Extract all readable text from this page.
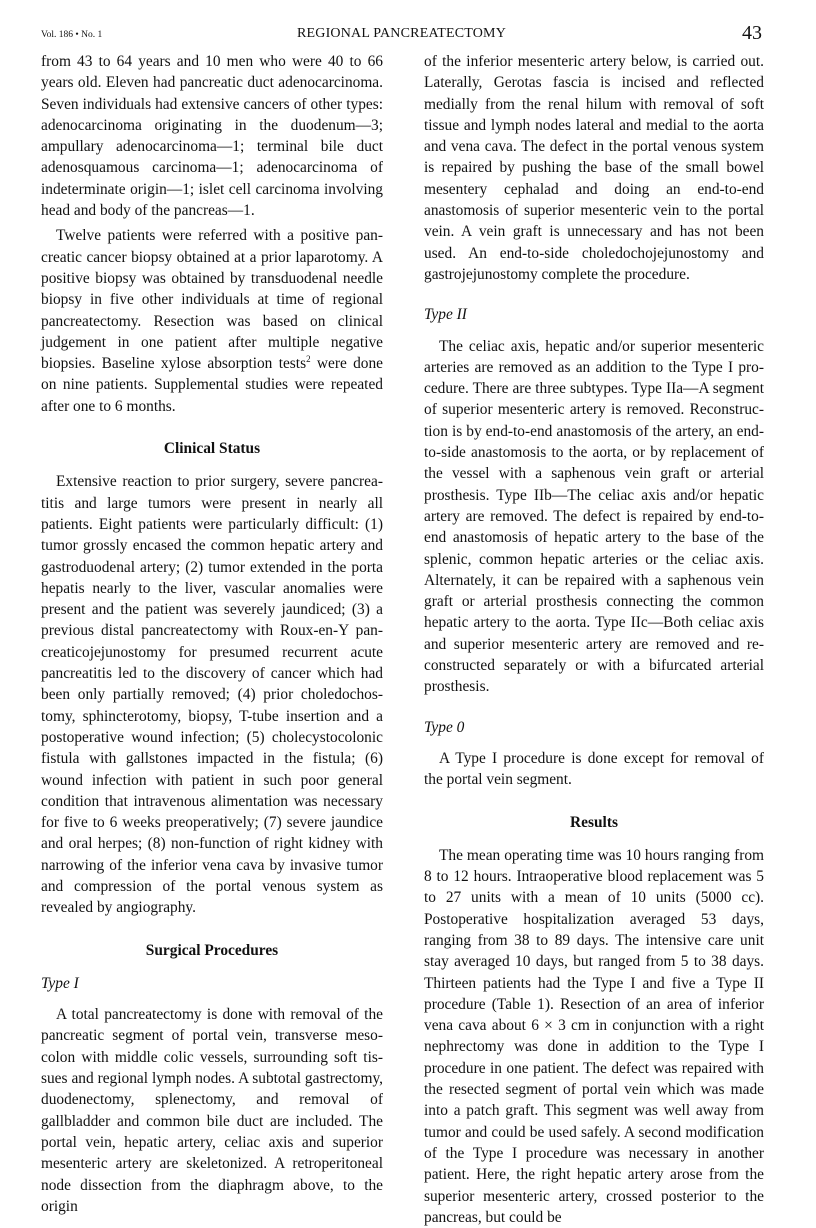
Vol. 186 • No. 1	REGIONAL PANCREATECTOMY	43

from 43 to 64 years and 10 men who were 40 to 66 years old. Eleven had pancreatic duct adenocarcinoma. Seven individuals had extensive cancers of other types: adenocarcinoma originating in the duodenum—3; ampullary adenocarcinoma—1; terminal bile duct adenosquamous carcinoma—1; adenocarcinoma of indeterminate origin—1; islet cell carcinoma involving head and body of the pancreas—1.

Twelve patients were referred with a positive pancreatic cancer biopsy obtained at a prior laparotomy. A positive biopsy was obtained by transduodenal needle biopsy in five other individuals at time of regional pancreatectomy. Resection was based on clinical judgement in one patient after multiple negative biopsies. Baseline xylose absorption tests$^2$ were done on nine patients. Supplemental studies were repeated after one to 6 months.

Clinical Status

Extensive reaction to prior surgery, severe pancreatitis and large tumors were present in nearly all patients. Eight patients were particularly difficult: (1) tumor grossly encased the common hepatic artery and gastroduodenal artery; (2) tumor extended in the porta hepatis nearly to the liver, vascular anomalies were present and the patient was severely jaundiced; (3) a previous distal pancreatectomy with Roux-en-Y pancreaticojejunostomy for presumed recurrent acute pancreatitis led to the discovery of cancer which had been only partially removed; (4) prior choledochostomy, sphincterotomy, biopsy, T-tube insertion and a postoperative wound infection; (5) cholecystocolonic fistula with gallstones impacted in the fistula; (6) wound infection with patient in such poor general condition that intravenous alimentation was necessary for five to 6 weeks preoperatively; (7) severe jaundice and oral herpes; (8) non-function of right kidney with narrowing of the inferior vena cava by invasive tumor and compression of the portal venous system as revealed by angiography.

Surgical Procedures
Type I

A total pancreatectomy is done with removal of the pancreatic segment of portal vein, transverse mesocolon with middle colic vessels, surrounding soft tissues and regional lymph nodes. A subtotal gastrectomy, duodenectomy, splenectomy, and removal of gallbladder and common bile duct are included. The portal vein, hepatic artery, celiac axis and superior mesenteric artery are skeletonized. A retroperitoneal node dissection from the diaphragm above, to the origin

of the inferior mesenteric artery below, is carried out. Laterally, Gerotas fascia is incised and reflected medially from the renal hilum with removal of soft tissue and lymph nodes lateral and medial to the aorta and vena cava. The defect in the portal venous system is repaired by pushing the base of the small bowel mesentery cephalad and doing an end-to-end anastomosis of superior mesenteric vein to the portal vein. A vein graft is unnecessary and has not been used. An end-to-side choledochojejunostomy and gastrojejunostomy complete the procedure.

Type II

The celiac axis, hepatic and/or superior mesenteric arteries are removed as an addition to the Type I procedure. There are three subtypes. Type IIa—A segment of superior mesenteric artery is removed. Reconstruction is by end-to-end anastomosis of the artery, an end-to-side anastomosis to the aorta, or by replacement of the vessel with a saphenous vein graft or arterial prosthesis. Type IIb—The celiac axis and/or hepatic artery are removed. The defect is repaired by end-to-end anastomosis of hepatic artery to the base of the splenic, common hepatic arteries or the celiac axis. Alternately, it can be repaired with a saphenous vein graft or arterial prosthesis connecting the common hepatic artery to the aorta. Type IIc—Both celiac axis and superior mesenteric artery are removed and reconstructed separately or with a bifurcated arterial prosthesis.

Type 0

A Type I procedure is done except for removal of the portal vein segment.

Results

The mean operating time was 10 hours ranging from 8 to 12 hours. Intraoperative blood replacement was 5 to 27 units with a mean of 10 units (5000 cc). Postoperative hospitalization averaged 53 days, ranging from 38 to 89 days. The intensive care unit stay averaged 10 days, but ranged from 5 to 38 days. Thirteen patients had the Type I and five a Type II procedure (Table 1). Resection of an area of inferior vena cava about 6 × 3 cm in conjunction with a right nephrectomy was done in addition to the Type I procedure in one patient. The defect was repaired with the resected segment of portal vein which was made into a patch graft. This segment was well away from tumor and could be used safely. A second modification of the Type I procedure was necessary in another patient. Here, the right hepatic artery arose from the superior mesenteric artery, crossed posterior to the pancreas, but could be
